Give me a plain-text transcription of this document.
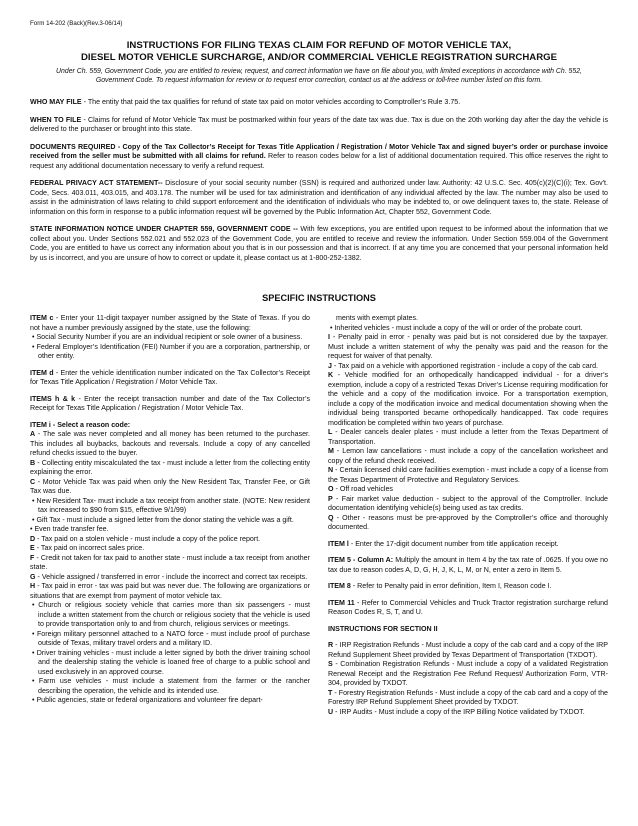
Form 14-202 (Back)(Rev.3-06/14)
INSTRUCTIONS FOR FILING TEXAS CLAIM FOR REFUND OF MOTOR VEHICLE TAX,
DIESEL MOTOR VEHICLE SURCHARGE, AND/OR COMMERCIAL VEHICLE REGISTRATION SURCHARGE
Under Ch. 559, Government Code, you are entitled to review, request, and correct information we have on file about you, with limited exceptions in accordance with Ch. 552, Government Code. To request information for review or to request error correction, contact us at the address or toll-free number listed on this form.

WHO MAY FILE - The entity that paid the tax qualifies for refund of state tax paid on motor vehicles according to Comptroller’s Rule 3.75.

WHEN TO FILE - Claims for refund of Motor Vehicle Tax must be postmarked within four years of the date tax was due. Tax is due on the 20th working day after the day the vehicle is delivered to the purchaser or brought into this state.

DOCUMENTS REQUIRED - Copy of the Tax Collector’s Receipt for Texas Title Application / Registration / Motor Vehicle Tax and signed buyer’s order or purchase invoice received from the seller must be submitted with all claims for refund. Refer to reason codes below for a list of additional documentation required. This office reserves the right to request any additional documentation necessary to verify a refund request.

FEDERAL PRIVACY ACT STATEMENT-- Disclosure of your social security number (SSN) is required and authorized under law. Authority: 42 U.S.C. Sec. 405(c)(2)(C)(i); Tex. Gov't. Code, Secs. 403.011, 403.015, and 403.178. The number will be used for tax administration and identification of any individual affected by the law. The number may also be used to assist in the administration of laws relating to child support enforcement and the identification of individuals who may be indebted to, or owe delinquent taxes to, the state. Release of information on this form in response to a public information request will be governed by the Public Information Act, Chapter 552, Government Code.

STATE INFORMATION NOTICE UNDER CHAPTER 559, GOVERNMENT CODE -- With few exceptions, you are entitled upon request to be informed about the information that we collect about you. Under Sections 552.021 and 552.023 of the Government Code, you are entitled to receive and review the information. Under Section 559.004 of the Government Code, you are entitled to have us correct any information about you that is in our possession and that is incorrect. If at any time you are concerned that your personal information held by us is incorrect, and you are unsure of how to correct or update it, please contact us at 1-800-252-1382.

SPECIFIC INSTRUCTIONS

ITEM c - Enter your 11-digit taxpayer number assigned by the State of Texas. If you do not have a number previously assigned by the state, use the following:

• Social Security Number if you are an individual recipient or sole owner of a business.

• Federal Employer’s Identification (FEI) Number if you are a corporation, partnership, or other entity.

ITEM d - Enter the vehicle identification number indicated on the Tax Collector’s Receipt for Texas Title Application / Registration / Motor Vehicle Tax.

ITEMS h & k - Enter the receipt transaction number and date of the Tax Collector’s Receipt for Texas Title Application / Registration / Motor Vehicle Tax.

ITEM i - Select a reason code:

A - The sale was never completed and all money has been returned to the purchaser. This includes all buybacks, backouts and reversals. Include a copy of any cancelled refund checks issued to the buyer.

B - Collecting entity miscalculated the tax - must include a letter from the collecting entity explaining the error.

C - Motor Vehicle Tax was paid when only the New Resident Tax, Transfer Fee, or Gift Tax was due.

• New Resident Tax- must include a tax receipt from another state. (NOTE: New resident tax increased to $90 from $15, effective 9/1/99)

• Gift Tax - must include a signed letter from the donor stating the vehicle was a gift.

• Even trade transfer fee.

D - Tax paid on a stolen vehicle - must include a copy of the police report.

E - Tax paid on incorrect sales price.

F - Credit not taken for tax paid to another state - must include a tax receipt from another state.

G - Vehicle assigned / transferred in error - include the incorrect and correct tax receipts.

H - Tax paid in error - tax was paid but was never due. The following are organizations or situations that are exempt from payment of motor vehicle tax.

• Church or religious society vehicle that carries more than six passengers - must include a written statement from the church or religious society that the vehicle is used to provide transportation only to and from church, religious services or meetings.

• Foreign military personnel attached to a NATO force - must include proof of purchase outside of Texas, military travel orders and a military ID.

• Driver training vehicles - must include a letter signed by both the driver training school and the dealership stating the vehicle is loaned free of charge to a public school and used exclusively in an approved course.

• Farm use vehicles - must include a statement from the farmer or the rancher describing the operation, the vehicle and its intended use.

• Public agencies, state or federal organizations and volunteer fire depart-

ments with exempt plates.

• Inherited vehicles - must include a copy of the will or order of the probate court.

I - Penalty paid in error - penalty was paid but is not considered due by the taxpayer. Must include a written statement of why the penalty was paid and the reason for the request for waiver of that penalty.

J - Tax paid on a vehicle with apportioned registration - include a copy of the cab card.

K - Vehicle modified for an orthopedically handicapped individual - for a driver’s exemption, include a copy of a restricted Texas Driver’s License requiring modification for the vehicle and a copy of the modification invoice. For a transportation exemption, include a copy of the modification invoice and medical documentation showing when the individual being transported became orthopedically handicapped. Tax code requires modification be completed within two years of purchase.

L - Dealer cancels dealer plates - must include a letter from the Texas Department of Transportation.

M - Lemon law cancellations - must include a copy of the cancellation worksheet and copy of the refund check received.

N - Certain licensed child care facilities exemption - must include a copy of a license from the Texas Department of Protective and Regulatory Services.

O - Off road vehicles

P - Fair market value deduction - subject to the approval of the Comptroller. Include documentation identifying vehicle(s) being used as tax credits.

Q - Other - reasons must be pre-approved by the Comptroller’s office and thoroughly documented.

ITEM l - Enter the 17-digit document number from title application receipt.

ITEM 5 - Column A: Multiply the amount in Item 4 by the tax rate of .0625. If you owe no tax due to reason codes A, D, G, H, J, K, L, M, or N, enter a zero in Item 5.

ITEM 8 - Refer to Penalty paid in error definition, Item I, Reason code I.

ITEM 11 - Refer to Commercial Vehicles and Truck Tractor registration surcharge refund Reason Codes R, S, T, and U.

INSTRUCTIONS FOR SECTION II

R - IRP Registration Refunds - Must include a copy of the cab card and a copy of the IRP Refund Supplement Sheet provided by Texas Department of Transportation (TXDOT).

S - Combination Registration Refunds - Must include a copy of a validated Registration Renewal Receipt and the Registration Fee Refund Request/ Authorization Form, VTR-304, provided by TXDOT.

T - Forestry Registration Refunds - Must include a copy of the cab card and a copy of the Forestry IRP Refund Supplement Sheet provided by TXDOT.

U - IRP Audits - Must include a copy of the IRP Billing Notice validated by TXDOT.
